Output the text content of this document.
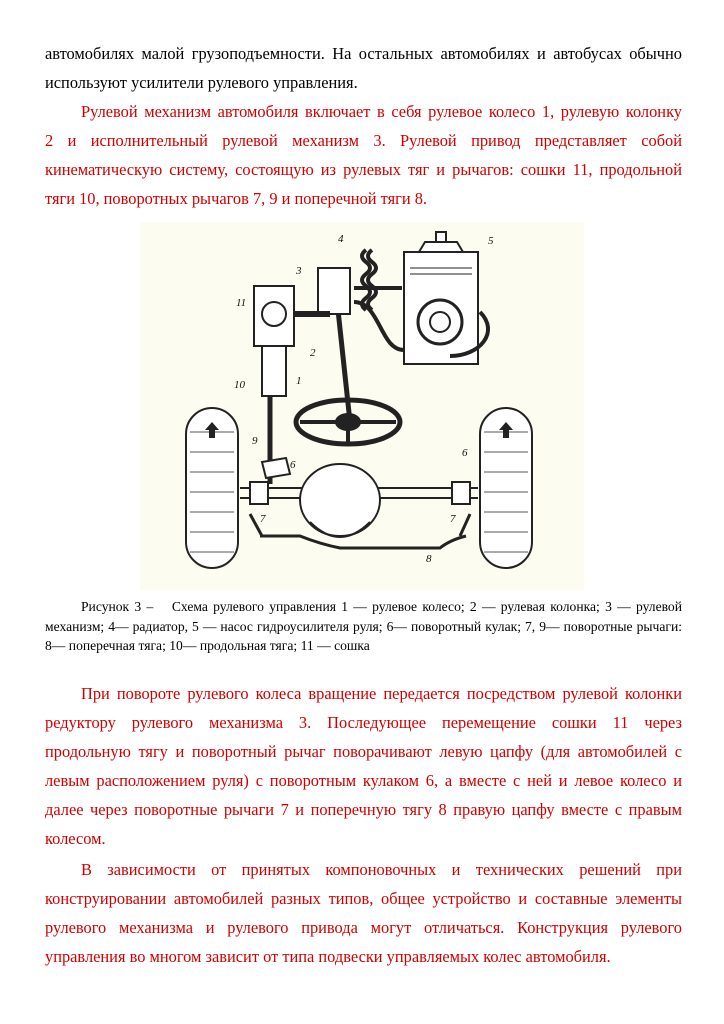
автомобилях малой грузоподъемности. На остальных автомобилях и автобусах обычно
используют усилители рулевого управления.
Рулевой механизм автомобиля включает в себя рулевое колесо 1, рулевую колонку
2 и исполнительный рулевой механизм 3. Рулевой привод представляет собой
кинематическую систему, состоящую из рулевых тяг и рычагов: сошки 11, продольной
тяги 10, поворотных рычагов 7, 9 и поперечной тяги 8.
1
2
3
4	5
6
6
7	7
8
9
10
11
Рисунок 3 – Схема рулевого управления 1 — рулевое колесо; 2 — рулевая колонка; 3 — рулевой механизм; 4— радиатор, 5 — насос гидроусилителя руля; 6— поворотный кулак; 7, 9— поворотные рычаги: 8— поперечная тяга; 10— продольная тяга; 11 — сошка
При повороте рулевого колеса вращение передается посредством рулевой колонки
редуктору рулевого механизма 3. Последующее перемещение сошки 11 через
продольную тягу и поворотный рычаг поворачивают левую цапфу (для автомобилей с
левым расположением руля) с поворотным кулаком 6, а вместе с ней и левое колесо и
далее через поворотные рычаги 7 и поперечную тягу 8 правую цапфу вместе с правым
колесом.
В зависимости от принятых компоновочных и технических решений при
конструировании автомобилей разных типов, общее устройство и составные элементы
рулевого механизма и рулевого привода могут отличаться. Конструкция рулевого
управления во многом зависит от типа подвески управляемых колес автомобиля.
